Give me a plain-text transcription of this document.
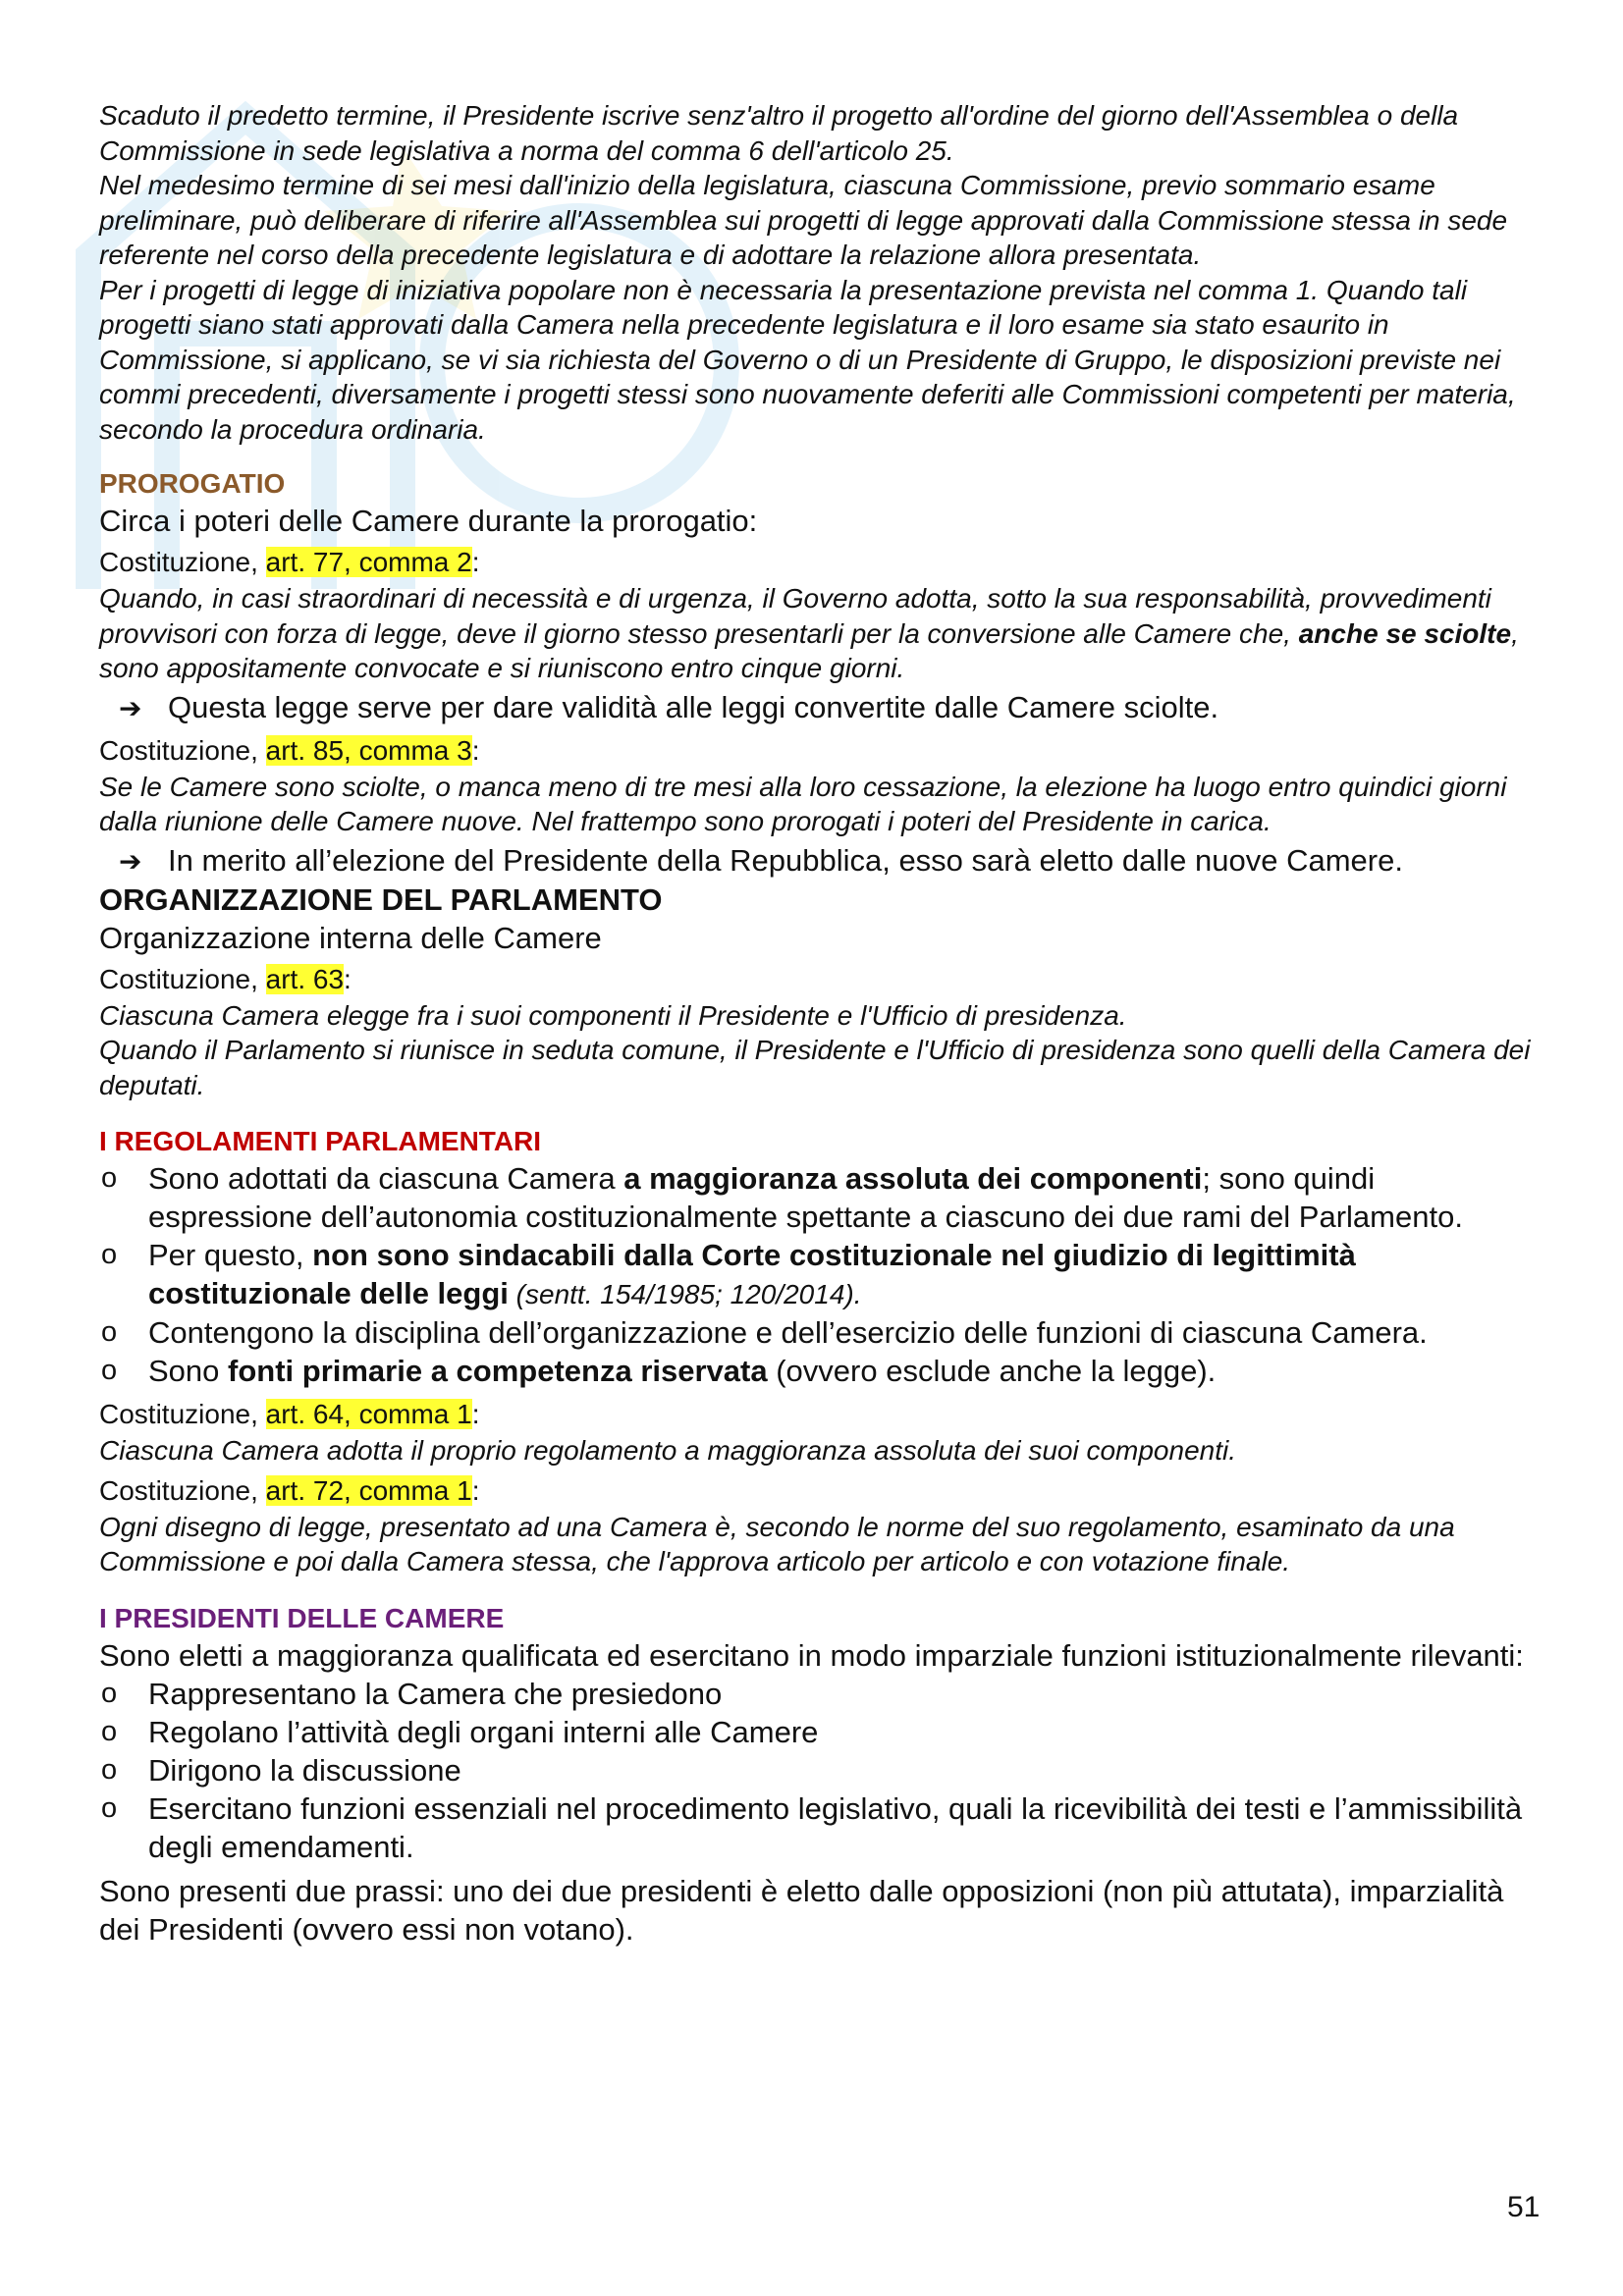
Scaduto il predetto termine, il Presidente iscrive senz'altro il progetto all'ordine del giorno dell'Assemblea o della Commissione in sede legislativa a norma del comma 6 dell'articolo 25.
Nel medesimo termine di sei mesi dall'inizio della legislatura, ciascuna Commissione, previo sommario esame preliminare, può deliberare di riferire all'Assemblea sui progetti di legge approvati dalla Commissione stessa in sede referente nel corso della precedente legislatura e di adottare la relazione allora presentata.
Per i progetti di legge di iniziativa popolare non è necessaria la presentazione prevista nel comma 1. Quando tali progetti siano stati approvati dalla Camera nella precedente legislatura e il loro esame sia stato esaurito in Commissione, si applicano, se vi sia richiesta del Governo o di un Presidente di Gruppo, le disposizioni previste nei commi precedenti, diversamente i progetti stessi sono nuovamente deferiti alle Commissioni competenti per materia, secondo la procedura ordinaria.
PROROGATIO
Circa i poteri delle Camere durante la prorogatio:
Costituzione, art. 77, comma 2:
Quando, in casi straordinari di necessità e di urgenza, il Governo adotta, sotto la sua responsabilità, provvedimenti provvisori con forza di legge, deve il giorno stesso presentarli per la conversione alle Camere che, anche se sciolte, sono appositamente convocate e si riuniscono entro cinque giorni.
➔ Questa legge serve per dare validità alle leggi convertite dalle Camere sciolte.
Costituzione, art. 85, comma 3:
Se le Camere sono sciolte, o manca meno di tre mesi alla loro cessazione, la elezione ha luogo entro quindici giorni dalla riunione delle Camere nuove. Nel frattempo sono prorogati i poteri del Presidente in carica.
➔ In merito all’elezione del Presidente della Repubblica, esso sarà eletto dalle nuove Camere.
ORGANIZZAZIONE DEL PARLAMENTO
Organizzazione interna delle Camere
Costituzione, art. 63:
Ciascuna Camera elegge fra i suoi componenti il Presidente e l'Ufficio di presidenza.
Quando il Parlamento si riunisce in seduta comune, il Presidente e l'Ufficio di presidenza sono quelli della Camera dei deputati.
I REGOLAMENTI PARLAMENTARI
o Sono adottati da ciascuna Camera a maggioranza assoluta dei componenti; sono quindi espressione dell’autonomia costituzionalmente spettante a ciascuno dei due rami del Parlamento.
o Per questo, non sono sindacabili dalla Corte costituzionale nel giudizio di legittimità costituzionale delle leggi (sentt. 154/1985; 120/2014).
o Contengono la disciplina dell’organizzazione e dell’esercizio delle funzioni di ciascuna Camera.
o Sono fonti primarie a competenza riservata (ovvero esclude anche la legge).
Costituzione, art. 64, comma 1:
Ciascuna Camera adotta il proprio regolamento a maggioranza assoluta dei suoi componenti.
Costituzione, art. 72, comma 1:
Ogni disegno di legge, presentato ad una Camera è, secondo le norme del suo regolamento, esaminato da una Commissione e poi dalla Camera stessa, che l'approva articolo per articolo e con votazione finale.
I PRESIDENTI DELLE CAMERE
Sono eletti a maggioranza qualificata ed esercitano in modo imparziale funzioni istituzionalmente rilevanti:
o Rappresentano la Camera che presiedono
o Regolano l’attività degli organi interni alle Camere
o Dirigono la discussione
o Esercitano funzioni essenziali nel procedimento legislativo, quali la ricevibilità dei testi e l’ammissibilità degli emendamenti.
Sono presenti due prassi: uno dei due presidenti è eletto dalle opposizioni (non più attutata), imparzialità dei Presidenti (ovvero essi non votano).
51
